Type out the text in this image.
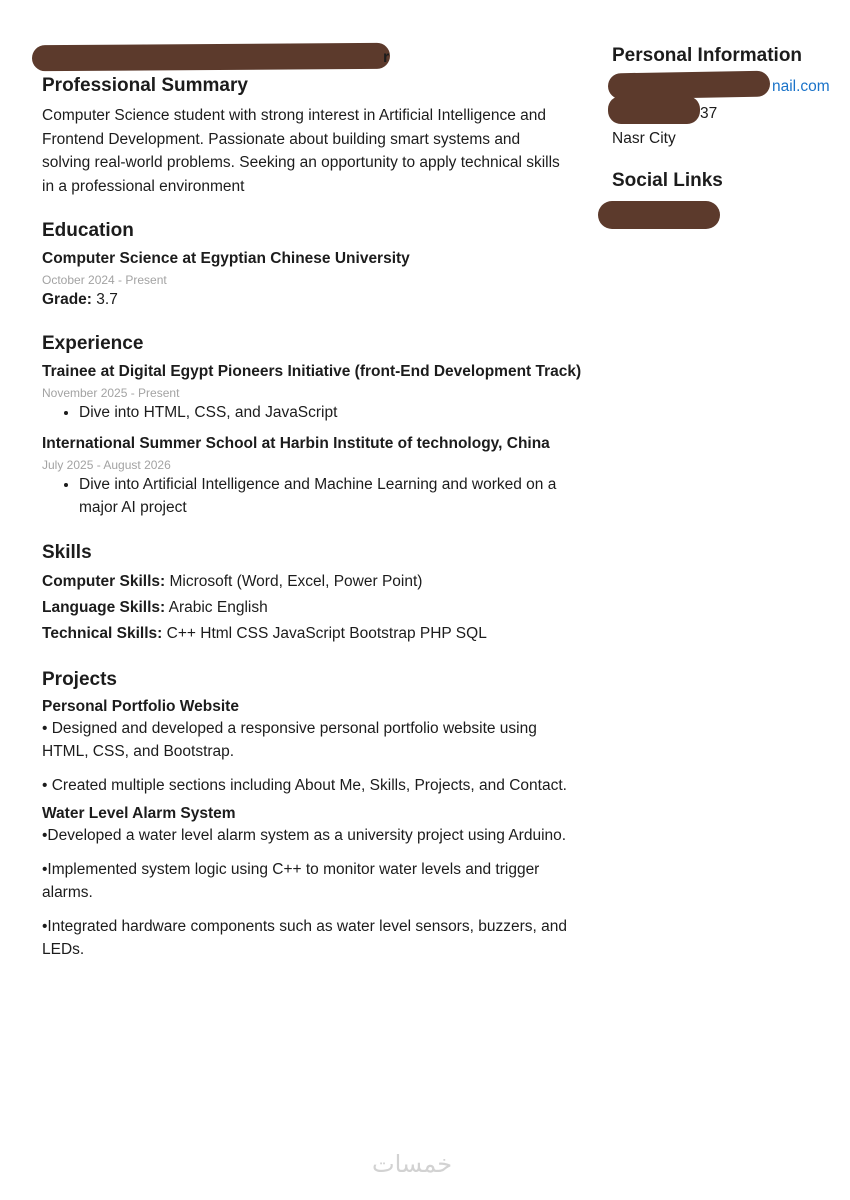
r
Professional Summary

Computer Science student with strong interest in Artificial Intelligence and Frontend Development. Passionate about building smart systems and solving real-world problems. Seeking an opportunity to apply technical skills in a professional environment

Education

Computer Science at Egyptian Chinese University

October 2024 - Present

Grade: 3.7

Experience

Trainee at Digital Egypt Pioneers Initiative (front-End Development Track)

November 2025 - Present

• Dive into HTML, CSS, and JavaScript

International Summer School at Harbin Institute of technology, China

July 2025 - August 2026

• Dive into Artificial Intelligence and Machine Learning and worked on a major AI project
Skills

Computer Skills: Microsoft (Word, Excel, Power Point)

Language Skills: Arabic English

Technical Skills: C++ Html CSS JavaScript Bootstrap PHP SQL

Projects

Personal Portfolio Website

• Designed and developed a responsive personal portfolio website using HTML, CSS, and Bootstrap.

• Created multiple sections including About Me, Skills, Projects, and Contact.

Water Level Alarm System

•Developed a water level alarm system as a university project using Arduino.

•Implemented system logic using C++ to monitor water levels and trigger alarms.

•Integrated hardware components such as water level sensors, buzzers, and LEDs.

Personal Information
nail.com
37
Nasr City
Social Links
خمسات
